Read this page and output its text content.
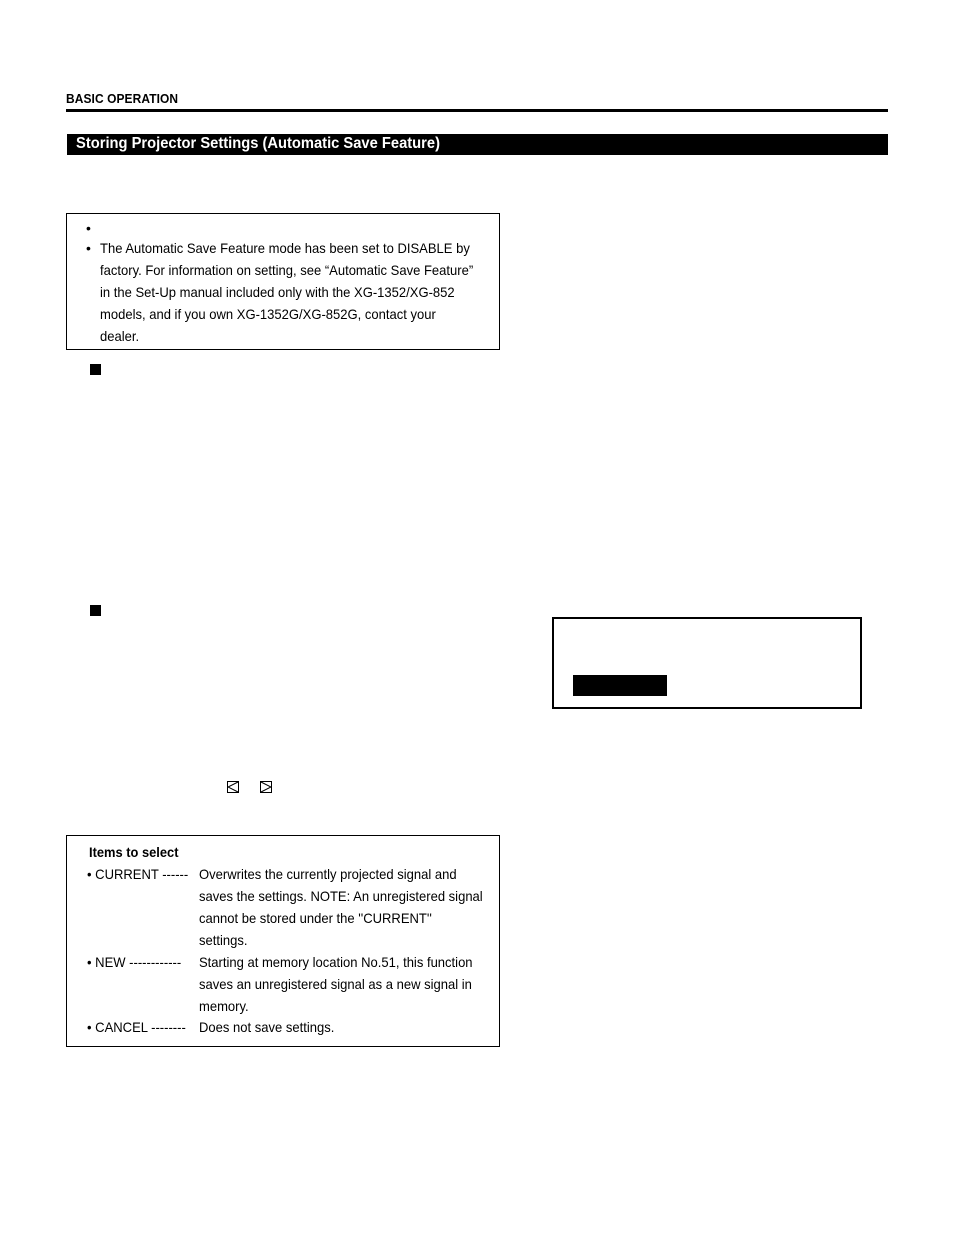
BASIC OPERATION
Storing Projector Settings (Automatic Save Feature)
•
• The Automatic Save Feature mode has been set to DISABLE by
factory. For information on setting, see “Automatic Save Feature”
in the Set-Up manual included only with the XG-1352/XG-852
models, and if you own XG-1352G/XG-852G, contact your
dealer.
Items to select
• CURRENT ------ Overwrites the currently projected signal and
saves the settings. NOTE: An unregistered signal
cannot be stored under the ''CURRENT''
settings.
• NEW ------------ Starting at memory location No.51, this function
saves an unregistered signal as a new signal in
memory.
• CANCEL -------- Does not save settings.
